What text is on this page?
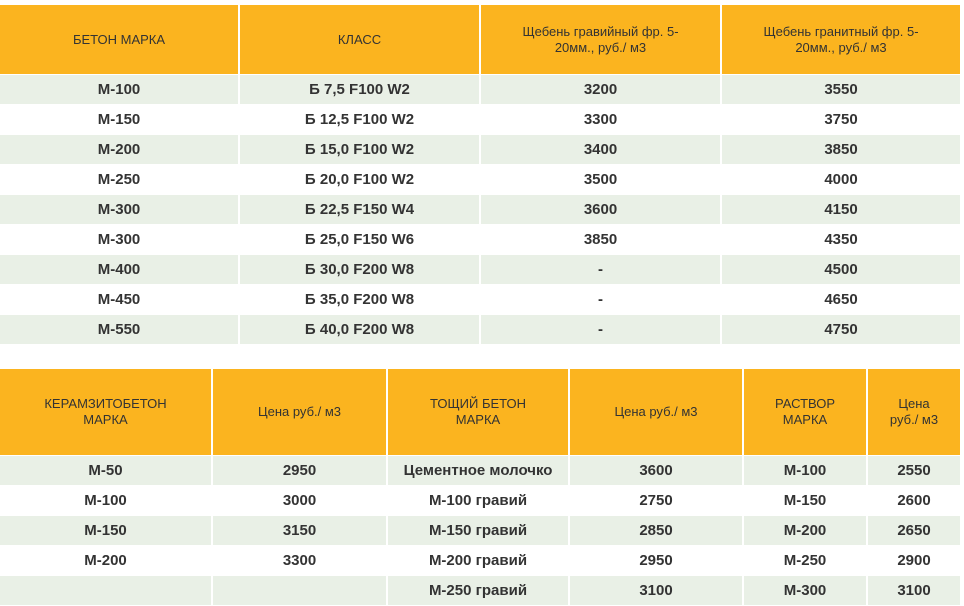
БЕТОН МАРКА	КЛАСС	Щебень гравийный фр. 5-20мм., руб./ м3	Щебень гранитный фр. 5-20мм., руб./ м3
М-100	Б 7,5 F100 W2	3200	3550
М-150	Б 12,5 F100 W2	3300	3750
М-200	Б 15,0 F100 W2	3400	3850
М-250	Б 20,0 F100 W2	3500	4000
М-300	Б 22,5 F150 W4	3600	4150
М-300	Б 25,0 F150 W6	3850	4350
М-400	Б 30,0 F200 W8	-	4500
М-450	Б 35,0 F200 W8	-	4650
М-550	Б 40,0 F200 W8	-	4750
КЕРАМЗИТОБЕТОН МАРКА	Цена руб./ м3	ТОЩИЙ БЕТОН МАРКА	Цена руб./ м3	РАСТВОР МАРКА	Цена руб./ м3
М-50	2950	Цементное молочко	3600	М-100	2550
М-100	3000	М-100 гравий	2750	М-150	2600
М-150	3150	М-150 гравий	2850	М-200	2650
М-200	3300	М-200 гравий	2950	М-250	2900
		М-250 гравий	3100	М-300	3100
